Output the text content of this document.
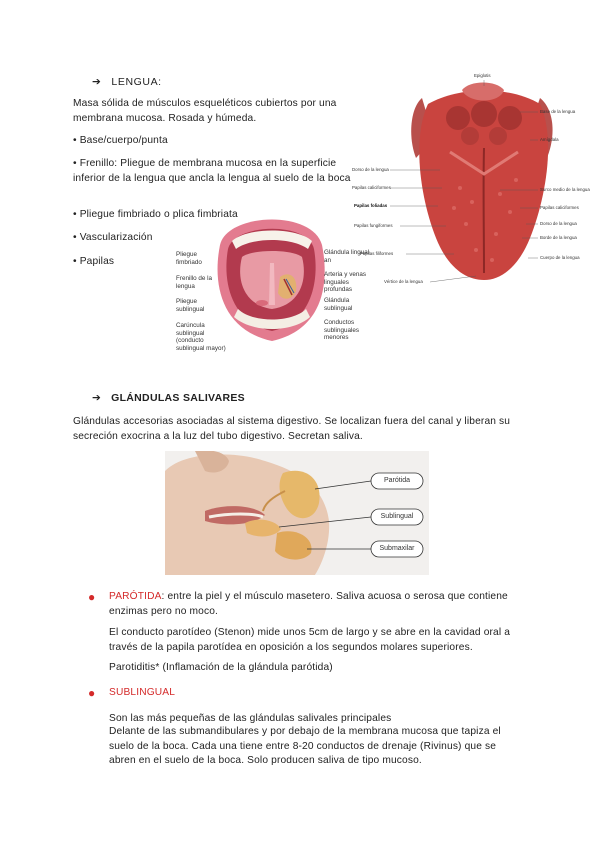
➔ LENGUA:
Masa sólida de músculos esqueléticos cubiertos por una membrana mucosa. Rosada y húmeda.
• Base/cuerpo/punta
• Frenillo: Pliegue de membrana mucosa en la superficie inferior de la lengua que ancla la lengua al suelo de la boca
• Pliegue fimbriado o plica fimbriata
• Vascularización
• Papilas
Pliegue fimbriado
Frenillo de la lengua
Pliegue sublingual
Carúncula sublingual (conducto sublingual mayor)
Glándula lingual an
Arteria y venas linguales profundas
Glándula sublingual
Conductos sublinguales menores
Epiglotis
Base de la lengua
Amígdala
Surco medio de la lengua
Papilas caliciformes
Dorso de la lengua
Borde de la lengua
Cuerpo de la lengua
Dorso de la lengua
Papilas caliciformes
Papilas foliadas
Papilas fungiformes
Papilas filiformes
Vértice de la lengua
➔ GLÁNDULAS SALIVARES
Glándulas accesorias asociadas al sistema digestivo. Se localizan fuera del canal y liberan su secreción exocrina a la luz del tubo digestivo. Secretan saliva.
Parótida
Sublingual
Submaxilar
● PARÓTIDA: entre la piel y el músculo masetero. Saliva acuosa o serosa que contiene enzimas pero no moco.
El conducto parotídeo (Stenon) mide unos 5cm de largo y se abre en la cavidad oral a través de la papila parotídea en oposición a los segundos molares superiores.
Parotiditis* (Inflamación de la glándula parótida)
● SUBLINGUAL
Son las más pequeñas de las glándulas salivales principales
Delante de las submandibulares y por debajo de la membrana mucosa que tapiza el suelo de la boca. Cada una tiene entre 8-20 conductos de drenaje (Rivinus) que se abren en el suelo de la boca. Solo producen saliva de tipo mucoso.
